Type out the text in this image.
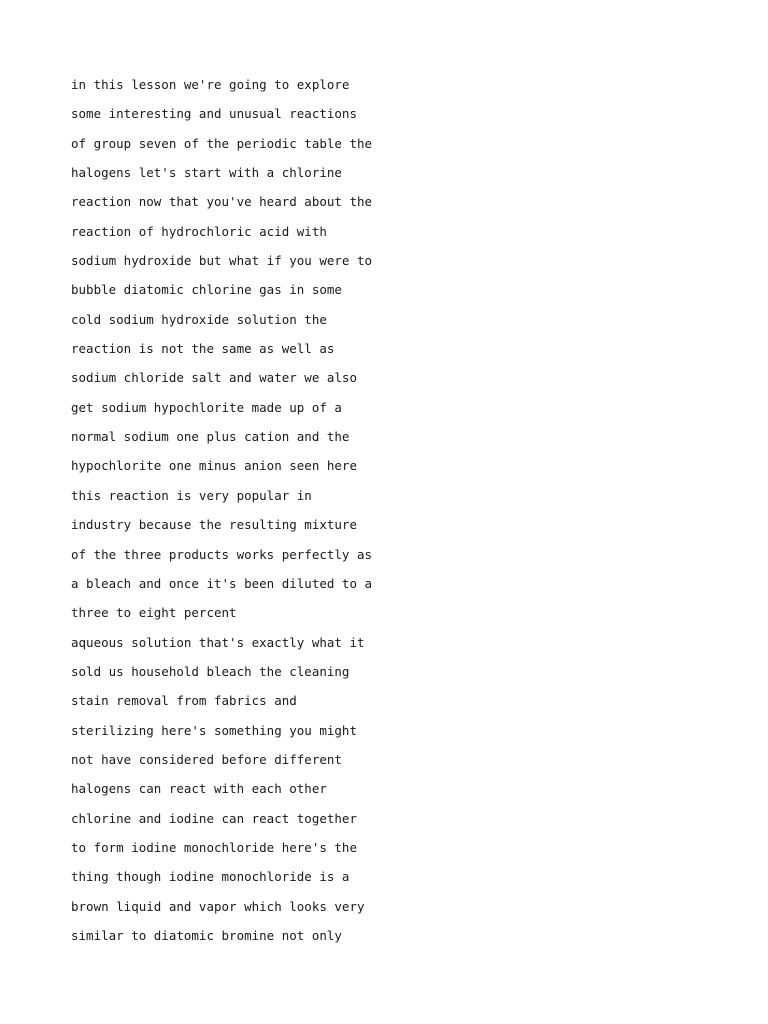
in this lesson we're going to explore
some interesting and unusual reactions
of group seven of the periodic table the
halogens let's start with a chlorine
reaction now that you've heard about the
reaction of hydrochloric acid with
sodium hydroxide but what if you were to
bubble diatomic chlorine gas in some
cold sodium hydroxide solution the
reaction is not the same as well as
sodium chloride salt and water we also
get sodium hypochlorite made up of a
normal sodium one plus cation and the
hypochlorite one minus anion seen here
this reaction is very popular in
industry because the resulting mixture
of the three products works perfectly as
a bleach and once it's been diluted to a
three to eight percent
aqueous solution that's exactly what it
sold us household bleach the cleaning
stain removal from fabrics and
sterilizing here's something you might
not have considered before different
halogens can react with each other
chlorine and iodine can react together
to form iodine monochloride here's the
thing though iodine monochloride is a
brown liquid and vapor which looks very
similar to diatomic bromine not only
